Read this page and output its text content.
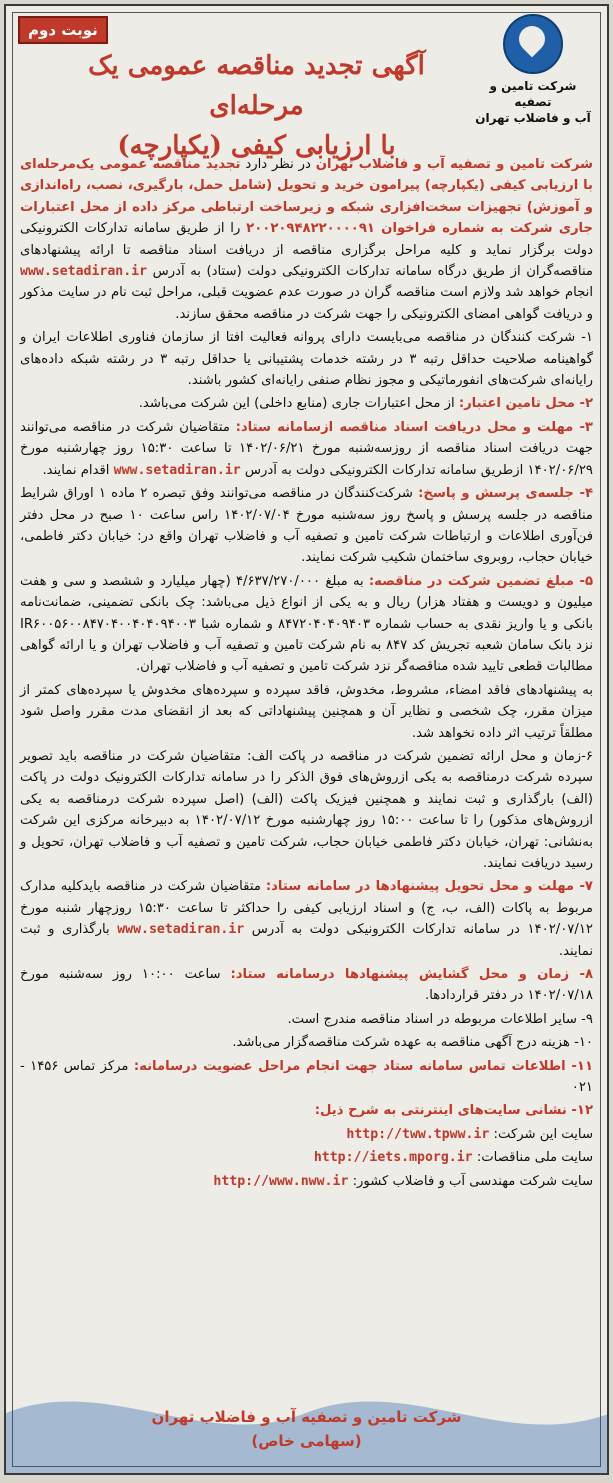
نوبت دوم
شرکت تامین و تصفیه
آب و فاضلاب تهران
آگهی تجدید مناقصه عمومی یک مرحله‌ای
با ارزیابی کیفی (یکپارچه)

شرکت تامین و تصفیه آب و فاضلاب تهران در نظر دارد تجدید مناقصه عمومی یک‌مرحله‌ای با ارزیابی کیفی (یکپارچه) پیرامون خرید و تحویل (شامل حمل، بارگیری، نصب، راه‌اندازی و آموزش) تجهیزات سخت‌افزاری شبکه و زیرساخت ارتباطی مرکز داده از محل اعتبارات جاری شرکت به شماره فراخوان ۲۰۰۲۰۹۴۸۲۲۰۰۰۰۹۱ را از طریق سامانه تدارکات الکترونیکی دولت برگزار نماید و کلیه مراحل برگزاری مناقصه از دریافت اسناد مناقصه تا ارائه پیشنهادهای مناقصه‌گران از طریق درگاه سامانه تدارکات الکترونیکی دولت (ستاد) به آدرس www.setadiran.ir انجام خواهد شد ولازم است مناقصه گران در صورت عدم عضویت قبلی، مراحل ثبت نام در سایت مذکور و دریافت گواهی امضای الکترونیکی را جهت شرکت در مناقصه محقق سازند.

۱- شرکت کنندگان در مناقصه می‌بایست دارای پروانه فعالیت افتا از سازمان فناوری اطلاعات ایران و گواهینامه صلاحیت حداقل رتبه ۳ در رشته خدمات پشتیبانی یا حداقل رتبه ۳ در رشته شبکه داده‌های رایانه‌ای شرکت‌های انفورماتیکی و مجوز نظام صنفی رایانه‌ای کشور باشند.

۲- محل تامین اعتبار: از محل اعتبارات جاری (منابع داخلی) این شرکت می‌باشد.

۳- مهلت و محل دریافت اسناد مناقصه ازسامانه ستاد: متقاضیان شرکت در مناقصه می‌توانند جهت دریافت اسناد مناقصه از روزسه‌شنبه مورخ ۱۴۰۲/۰۶/۲۱ تا ساعت ۱۵:۳۰ روز چهارشنبه مورخ ۱۴۰۲/۰۶/۲۹ ازطریق سامانه تدارکات الکترونیکی دولت به آدرس www.setadiran.ir اقدام نمایند.

۴- جلسه‌ی پرسش و پاسخ: شرکت‌کنندگان در مناقصه می‌توانند وفق تبصره ۲ ماده ۱ اوراق شرایط مناقصه در جلسه پرسش و پاسخ روز سه‌شنبه مورخ ۱۴۰۲/۰۷/۰۴ راس ساعت ۱۰ صبح در محل دفتر فن‌آوری اطلاعات و ارتباطات شرکت تامین و تصفیه آب و فاضلاب تهران واقع در: خیابان دکتر فاطمی، خیابان حجاب، روبروی ساختمان شکیب شرکت نمایند.

۵- مبلغ تضمین شرکت در مناقصه: به مبلغ ۴/۶۳۷/۲۷۰/۰۰۰ (چهار میلیارد و ششصد و سی و هفت میلیون و دویست و هفتاد هزار) ریال و به یکی از انواع ذیل می‌باشد: چک بانکی تضمینی، ضمانت‌نامه بانکی و یا واریز نقدی به حساب شماره ۸۴۷۲۰۴۰۴۰۹۴۰۳ و شماره شبا IR۶۰۰۵۶۰۰۸۴۷۰۴۰۰۴۰۴۰۹۴۰۰۳ نزد بانک سامان شعبه تجریش کد ۸۴۷ به نام شرکت تامین و تصفیه آب و فاضلاب تهران و یا ارائه گواهی مطالبات قطعی تایید شده مناقصه‌گر نزد شرکت تامین و تصفیه آب و فاضلاب تهران.

به پیشنهادهای فاقد امضاء، مشروط، مخدوش، فاقد سپرده و سپرده‌های مخدوش یا سپرده‌های کمتر از میزان مقرر، چک شخصی و نظایر آن و همچنین پیشنهاداتی که بعد از انقضای مدت مقرر واصل شود مطلقاً ترتیب اثر داده نخواهد شد.

۶-زمان و محل ارائه تضمین شرکت در مناقصه در پاکت الف: متقاضیان شرکت در مناقصه باید تصویر سپرده شرکت درمناقصه به یکی ازروش‌های فوق الذکر را در سامانه تدارکات الکترونیک دولت در پاکت (الف) بارگذاری و ثبت نمایند و همچنین فیزیک پاکت (الف) (اصل سپرده شرکت درمناقصه به یکی ازروش‌های مذکور) را تا ساعت ۱۵:۰۰ روز چهارشنبه مورخ ۱۴۰۲/۰۷/۱۲ به دبیرخانه مرکزی این شرکت به‌نشانی: تهران، خیابان دکتر فاطمی خیابان حجاب، شرکت تامین و تصفیه آب و فاضلاب تهران، تحویل و رسید دریافت نمایند.

۷- مهلت و محل تحویل پیشنهادها در سامانه ستاد: متقاضیان شرکت در مناقصه بایدکلیه مدارک مربوط به پاکات (الف، ب، ج) و اسناد ارزیابی کیفی را حداکثر تا ساعت ۱۵:۳۰ روزچهار شنبه مورخ ۱۴۰۲/۰۷/۱۲ در سامانه تدارکات الکترونیکی دولت به آدرس www.setadiran.ir بارگذاری و ثبت نمایند.

۸- زمان و محل گشایش پیشنهادها درسامانه ستاد: ساعت ۱۰:۰۰ روز سه‌شنبه مورخ ۱۴۰۲/۰۷/۱۸ در دفتر قراردادها.

۹- سایر اطلاعات مربوطه در اسناد مناقصه مندرج است.

۱۰- هزینه درج آگهی مناقصه به عهده شرکت مناقصه‌گزار می‌باشد.

۱۱- اطلاعات تماس سامانه ستاد جهت انجام مراحل عضویت درسامانه: مرکز تماس ۱۴۵۶ - ۰۲۱

۱۲- نشانی سایت‌های اینترنتی به شرح ذیل:

سایت این شرکت: http://tww.tpww.ir

سایت ملی مناقصات: http://iets.mporg.ir

سایت شرکت مهندسی آب و فاضلاب کشور: http://www.nww.ir

شرکت تامین و تصفیه آب و فاضلاب تهران
(سهامی خاص)
